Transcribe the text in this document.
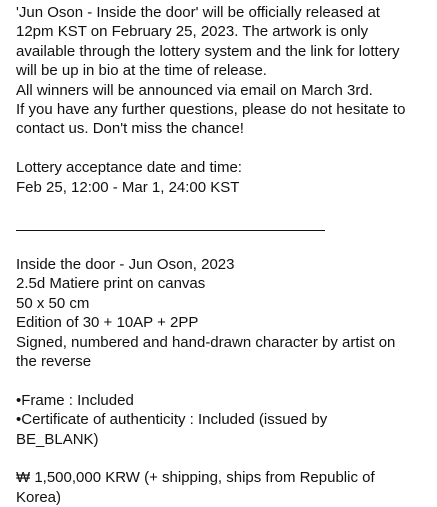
'Jun Oson - Inside the door' will be officially released at
12pm KST on February 25, 2023. The artwork is only
available through the lottery system and the link for lottery
will be up in bio at the time of release.
All winners will be announced via email on March 3rd.
If you have any further questions, please do not hesitate to
contact us. Don't miss the chance!
Lottery acceptance date and time:
Feb 25, 12:00 - Mar 1, 24:00 KST
Inside the door - Jun Oson, 2023
2.5d Matiere print on canvas
50 x 50 cm
Edition of 30 + 10AP + 2PP
Signed, numbered and hand-drawn character by artist on
the reverse
•Frame : Included
•Certificate of authenticity : Included (issued by
BE_BLANK)
₩ 1,500,000 KRW (+ shipping, ships from Republic of
Korea)
